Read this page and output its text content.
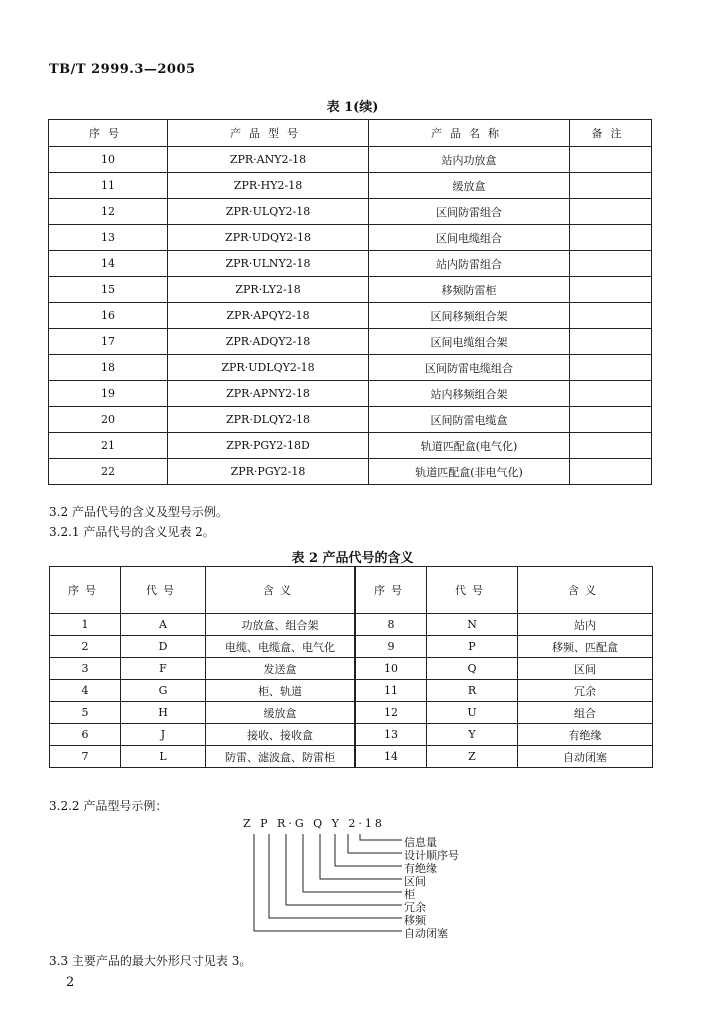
TB/T 2999.3—2005
表 1(续)
序号	产品型号	产品名称	备注
10	ZPR·ANY2-18	站内功放盒	
11	ZPR·HY2-18	缓放盒	
12	ZPR·ULQY2-18	区间防雷组合	
13	ZPR·UDQY2-18	区间电缆组合	
14	ZPR·ULNY2-18	站内防雷组合	
15	ZPR·LY2-18	移频防雷柜	
16	ZPR·APQY2-18	区间移频组合架	
17	ZPR·ADQY2-18	区间电缆组合架	
18	ZPR·UDLQY2-18	区间防雷电缆组合	
19	ZPR·APNY2-18	站内移频组合架	
20	ZPR·DLQY2-18	区间防雷电缆盒	
21	ZPR·PGY2-18D	轨道匹配盒(电气化)	
22	ZPR·PGY2-18	轨道匹配盒(非电气化)	
3.2 产品代号的含义及型号示例。
3.2.1 产品代号的含义见表 2。
表 2 产品代号的含义
序号	代号	含义	序号	代号	含义
1	A	功放盒、组合架	8	N	站内
2	D	电缆、电缆盒、电气化	9	P	移频、匹配盒
3	F	发送盒	10	Q	区间
4	G	柜、轨道	11	R	冗余
5	H	缓放盒	12	U	组合
6	J	接收、接收盒	13	Y	有绝缘
7	L	防雷、滤波盒、防雷柜	14	Z	自动闭塞
3.2.2 产品型号示例：
Z P R·G Q Y 2·18
信息量
设计顺序号
有绝缘
区间
柜
冗余
移频
自动闭塞
3.3 主要产品的最大外形尺寸见表 3。
2
